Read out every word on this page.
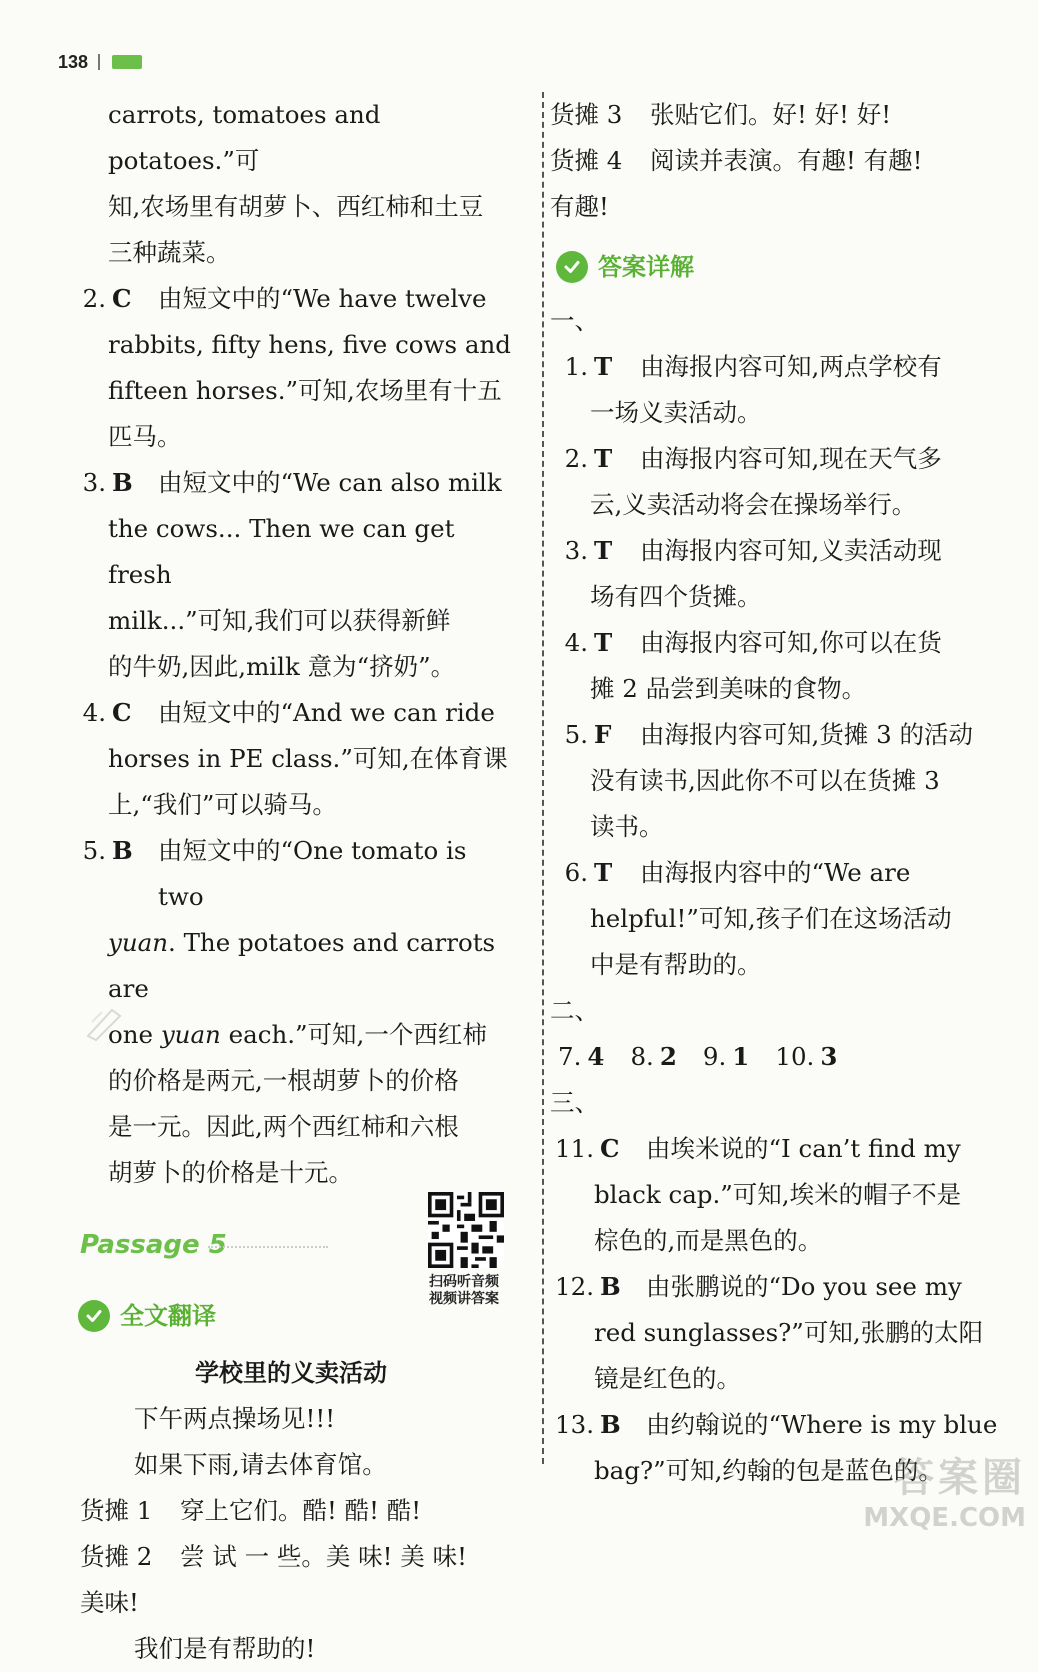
138

carrots, tomatoes and potatoes.”可

知,农场里有胡萝卜、西红柿和土豆

三种蔬菜。

2. C	由短文中的“We have twelve

rabbits, fifty hens, five cows and

fifteen horses.”可知,农场里有十五

匹马。

3. B	由短文中的“We can also milk

the cows... Then we can get fresh

milk...”可知,我们可以获得新鲜

的牛奶,因此,milk 意为“挤奶”。

4. C	由短文中的“And we can ride

horses in PE class.”可知,在体育课

上,“我们”可以骑马。

5. B	由短文中的“One tomato is two

yuan. The potatoes and carrots are

one yuan each.”可知,一个西红柿

的价格是两元,一根胡萝卜的价格

是一元。因此,两个西红柿和六根

胡萝卜的价格是十元。

Passage 5
扫码听音频
视频讲答案
全文翻译

学校里的义卖活动

下午两点操场见!!!

如果下雨,请去体育馆。

货摊 1	穿上它们。酷! 酷! 酷!
货摊 2	尝 试 一 些。美 味! 美 味!

美味!

我们是有帮助的!

货摊 3	张贴它们。好! 好! 好!
货摊 4	阅读并表演。有趣! 有趣!

有趣!

答案详解

一、

1. T	由海报内容可知,两点学校有

一场义卖活动。

2. T	由海报内容可知,现在天气多

云,义卖活动将会在操场举行。

3. T	由海报内容可知,义卖活动现

场有四个货摊。

4. T	由海报内容可知,你可以在货

摊 2 品尝到美味的食物。

5. F	由海报内容可知,货摊 3 的活动

没有读书,因此你不可以在货摊 3

读书。

6. T	由海报内容中的“We are

helpful!”可知,孩子们在这场活动

中是有帮助的。

二、

7. 4 8. 2 9. 1 10. 3

三、

11. C	由埃米说的“I can’t find my

black cap.”可知,埃米的帽子不是

棕色的,而是黑色的。

12. B	由张鹏说的“Do you see my

red sunglasses?”可知,张鹏的太阳

镜是红色的。

13. B	由约翰说的“Where is my blue

bag?”可知,约翰的包是蓝色的。

答案圈
MXQE.COM
